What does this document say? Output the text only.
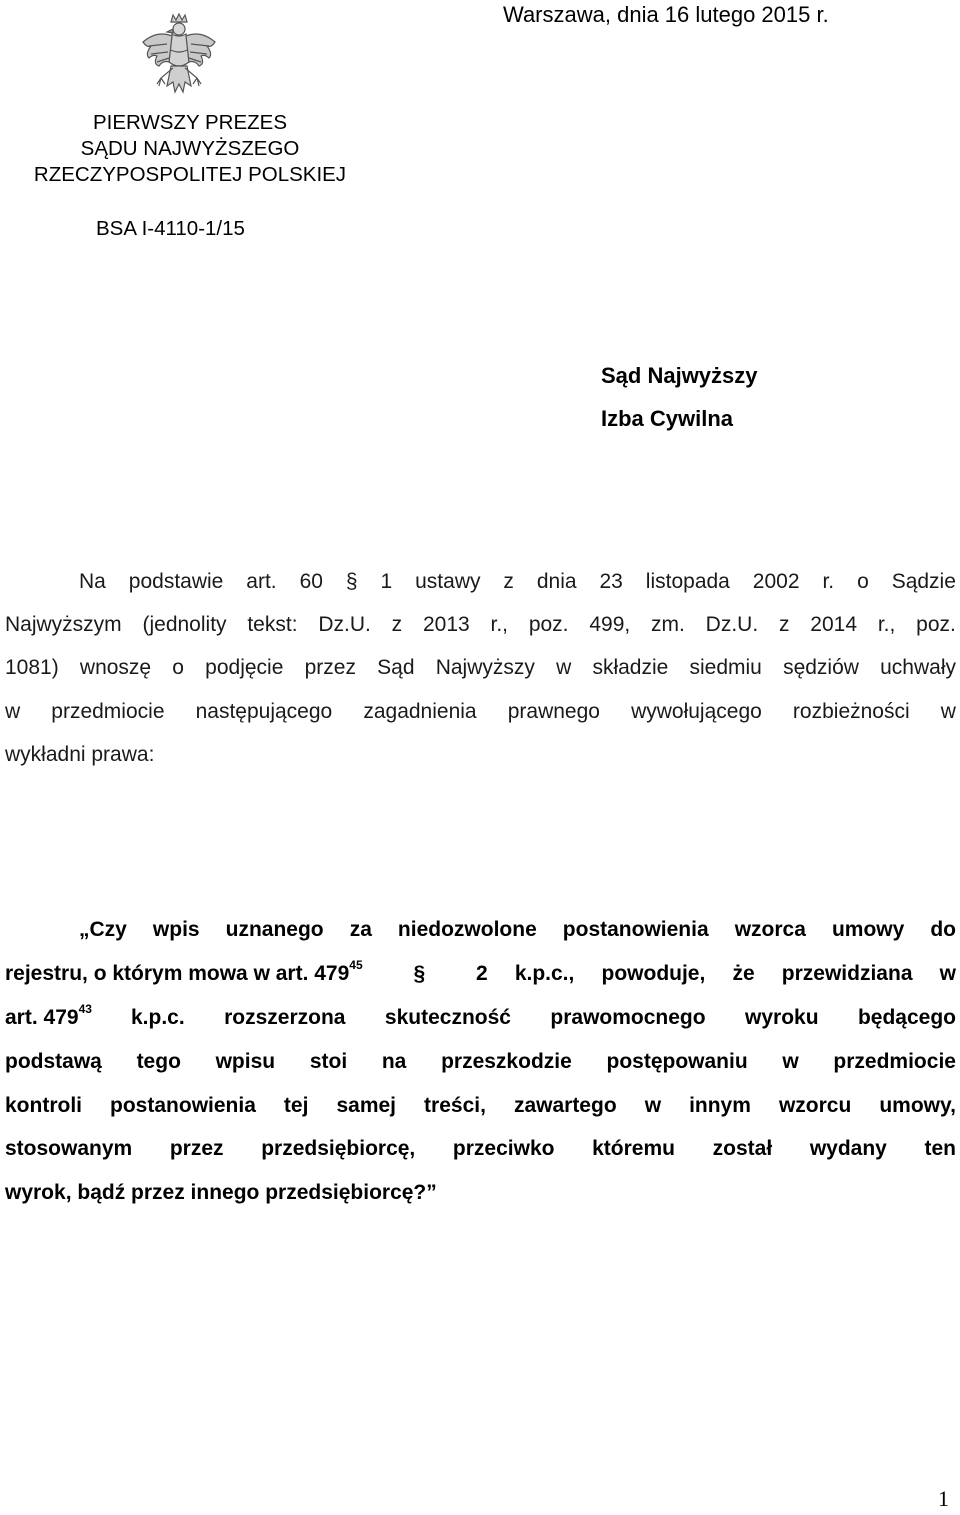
Warszawa, dnia 16 lutego 2015 r.
PIERWSZY PREZES
SĄDU NAJWYŻSZEGO
RZECZYPOSPOLITEJ POLSKIEJ
BSA I-4110-1/15
Sąd Najwyższy
Izba Cywilna
Na podstawie art. 60 § 1 ustawy z dnia 23 listopada 2002 r. o Sądzie
Najwyższym (jednolity tekst: Dz.U. z 2013 r., poz. 499, zm. Dz.U. z 2014 r., poz.
1081) wnoszę o podjęcie przez Sąd Najwyższy w składzie siedmiu sędziów uchwały
w przedmiocie następującego zagadnienia prawnego wywołującego rozbieżności w
wykładni prawa:
„Czy wpis uznanego za niedozwolone postanowienia wzorca umowy do
rejestru, o którym mowa w art. $479^{45}$ § 2 k.p.c., powoduje, że przewidziana w
art. $479^{43}$ k.p.c. rozszerzona skuteczność prawomocnego wyroku będącego
podstawą tego wpisu stoi na przeszkodzie postępowaniu w przedmiocie
kontroli postanowienia tej samej treści, zawartego w innym wzorcu umowy,
stosowanym przez przedsiębiorcę, przeciwko któremu został wydany ten
wyrok, bądź przez innego przedsiębiorcę?”
1
